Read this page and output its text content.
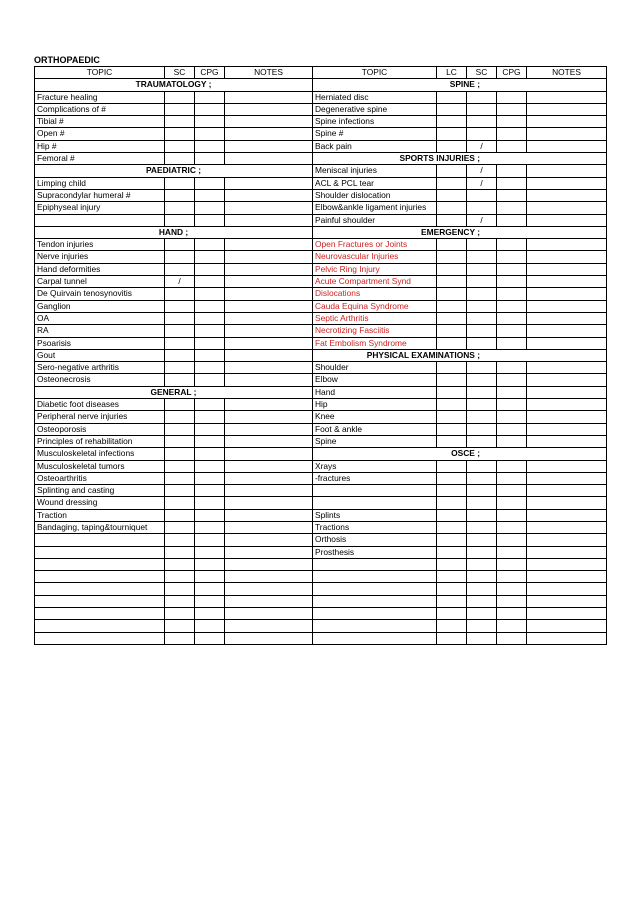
ORTHOPAEDIC
TOPIC	SC	CPG	NOTES	TOPIC	LC	SC	CPG	NOTES
TRAUMATOLOGY ;				SPINE ;				
Fracture healing				Herniated disc				
Complications of #				Degenerative spine				
Tibial #				Spine infections				
Open #				Spine #				
Hip #				Back pain		/		
Femoral #				SPORTS INJURIES ;				
PAEDIATRIC ;				Meniscal injuries		/		
Limping child				ACL & PCL tear		/		
Supracondylar humeral #				Shoulder dislocation				
Epiphyseal injury				Elbow&ankle ligament injuries				
				Painful shoulder		/		
HAND ;				EMERGENCY ;				
Tendon injuries				Open Fractures or Joints				
Nerve injuries				Neurovascular Injuries				
Hand deformities				Pelvic Ring Injury				
Carpal tunnel	/			Acute Compartment Synd				
De Quirvain tenosynovitis				Dislocations				
Ganglion				Cauda Equina Syndrome				
OA				Septic Arthritis				
RA				Necrotizing Fasciitis				
Psoarisis				Fat Embolism Syndrome				
Gout				PHYSICAL EXAMINATIONS ;				
Sero-negative arthritis				Shoulder				
Osteonecrosis				Elbow				
GENERAL ;				Hand				
Diabetic foot diseases				Hip				
Peripheral nerve injuries				Knee				
Osteoporosis				Foot & ankle				
Principles of rehabilitation				Spine				
Musculoskeletal infections				OSCE ;				
Musculoskeletal tumors				Xrays				
Osteoarthritis				-fractures				
Splinting and casting								
Wound dressing								
Traction				Splints				
Bandaging, taping&tourniquet				Tractions				
				Orthosis				
				Prosthesis				
